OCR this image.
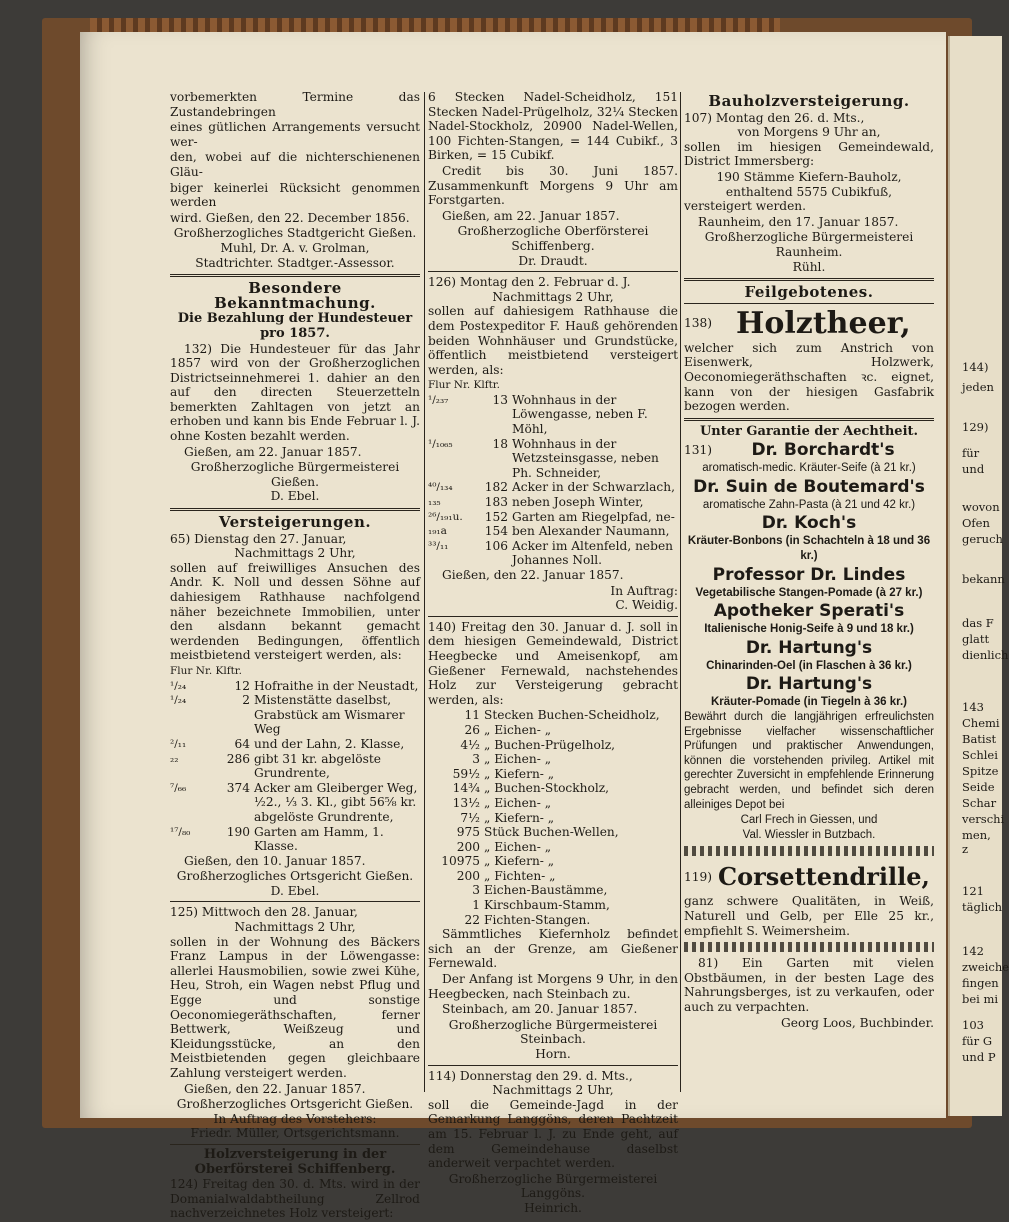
vorbemerkten Termine das Zustandebringen
eines gütlichen Arrangements versucht wer-
den, wobei auf die nichterschienenen Gläu-
biger keinerlei Rücksicht genommen werden
wird. Gießen, den 22. December 1856.
Großherzogliches Stadtgericht Gießen.
Muhl, Dr. A. v. Grolman,
Stadtrichter. Stadtger.-Assessor.
Besondere Bekanntmachung.
Die Bezahlung der Hundesteuer pro 1857.

132) Die Hundesteuer für das Jahr 1857 wird von der Großherzoglichen Districtseinnehmerei 1. dahier an den auf den directen Steuerzetteln bemerkten Zahltagen von jetzt an erhoben und kann bis Ende Februar l. J. ohne Kosten bezahlt werden.

Gießen, am 22. Januar 1857.

Großherzogliche Bürgermeisterei Gießen.
D. Ebel.
Versteigerungen.
65) Dienstag den 27. Januar,
Nachmittags 2 Uhr,

sollen auf freiwilliges Ansuchen des Andr. K. Noll und dessen Söhne auf dahiesigem Rathhause nachfolgend näher bezeichnete Immobilien, unter den alsdann bekannt gemacht werdenden Bedingungen, öffentlich meistbietend versteigert werden, als:

Flur Nr. Klftr.
¹/₂₄	12 Hofraithe in der Neustadt,
¹/₂₄	2 Mistenstätte daselbst,
Grabstück am Wismarer Weg
²/₁₁	64 und der Lahn, 2. Klasse,
₂₂	286 gibt 31 kr. abgelöste Grundrente,
⁷/₆₆	374 Acker am Gleiberger Weg, ½2., ⅓ 3. Kl., gibt 56⅝ kr. abgelöste Grundrente,
¹⁷/₈₀	190 Garten am Hamm, 1. Klasse.

Gießen, den 10. Januar 1857.

Großherzogliches Ortsgericht Gießen.
D. Ebel.
125) Mittwoch den 28. Januar,
Nachmittags 2 Uhr,

sollen in der Wohnung des Bäckers Franz Lampus in der Löwengasse: allerlei Hausmobilien, sowie zwei Kühe, Heu, Stroh, ein Wagen nebst Pflug und Egge und sonstige Oeconomiegeräthschaften, ferner Bettwerk, Weißzeug und Kleidungsstücke, an den Meistbietenden gegen gleichbaare Zahlung versteigert werden.

Gießen, den 22. Januar 1857.

Großherzogliches Ortsgericht Gießen.
In Auftrag des Vorstehers:
Friedr. Müller, Ortsgerichtsmann.
Holzversteigerung in der Oberförsterei Schiffenberg.

124) Freitag den 30. d. Mts. wird in der Domanialwaldabtheilung Zellrod nachverzeichnetes Holz versteigert:

6 Stecken Nadel-Scheidholz, 151 Stecken Nadel-Prügelholz, 32¼ Stecken Nadel-Stockholz, 20900 Nadel-Wellen, 100 Fichten-Stangen, = 144 Cubikf., 3 Birken, = 15 Cubikf.

Credit bis 30. Juni 1857. Zusammenkunft Morgens 9 Uhr am Forstgarten.

Gießen, am 22. Januar 1857.

Großherzogliche Oberförsterei Schiffenberg.
Dr. Draudt.
126) Montag den 2. Februar d. J.
Nachmittags 2 Uhr,

sollen auf dahiesigem Rathhause die dem Postexpeditor F. Hauß gehörenden beiden Wohnhäuser und Grundstücke, öffentlich meistbietend versteigert werden, als:

Flur Nr. Klftr.
¹/₂₃₇	13 Wohnhaus in der Löwengasse, neben F. Möhl,
¹/₁₀₆₅	18 Wohnhaus in der Wetzsteinsgasse, neben Ph. Schneider,
⁴⁰/₁₃₄	182 Acker in der Schwarzlach,
₁₃₅	183 neben Joseph Winter,
²⁶/₁₉₁u.	152 Garten am Riegelpfad, ne-
₁₉₁a	154 ben Alexander Naumann,
³³/₁₁	106 Acker im Altenfeld, neben Johannes Noll.

Gießen, den 22. Januar 1857.

In Auftrag:
C. Weidig.

140) Freitag den 30. Januar d. J. soll in dem hiesigen Gemeindewald, District Heegbecke und Ameisenkopf, am Gießener Fernewald, nachstehendes Holz zur Versteigerung gebracht werden, als:

11 Stecken Buchen-Scheidholz,
26 „ Eichen- „
4½ „ Buchen-Prügelholz,
3 „ Eichen- „
59½ „ Kiefern- „
14¾ „ Buchen-Stockholz,
13½ „ Eichen- „
7½ „ Kiefern- „
975 Stück Buchen-Wellen,
200 „ Eichen- „
10975 „ Kiefern- „
200 „ Fichten- „
3 Eichen-Baustämme,
1 Kirschbaum-Stamm,
22 Fichten-Stangen.

Sämmtliches Kiefernholz befindet sich an der Grenze, am Gießener Fernewald.

Der Anfang ist Morgens 9 Uhr, in den Heegbecken, nach Steinbach zu.

Steinbach, am 20. Januar 1857.

Großherzogliche Bürgermeisterei Steinbach.
Horn.
114) Donnerstag den 29. d. Mts.,
Nachmittags 2 Uhr,

soll die Gemeinde-Jagd in der Gemarkung Langgöns, deren Pachtzeit am 15. Februar l. J. zu Ende geht, auf dem Gemeindehause daselbst anderweit verpachtet werden.

Großherzogliche Bürgermeisterei Langgöns.
Heinrich.
Bauholzversteigerung.
107) Montag den 26. d. Mts.,
von Morgens 9 Uhr an,

sollen im hiesigen Gemeindewald, District Immersberg:

190 Stämme Kiefern-Bauholz,
enthaltend 5575 Cubikfuß,

versteigert werden.

Raunheim, den 17. Januar 1857.

Großherzogliche Bürgermeisterei Raunheim.
Rühl.
Feilgebotenes.
138) Holztheer,

welcher sich zum Anstrich von Eisenwerk, Holzwerk, Oeconomiegeräthschaften ꝛc. eignet, kann von der hiesigen Gasfabrik bezogen werden.

Unter Garantie der Aechtheit.
131)	Dr. Borchardt's
aromatisch-medic. Kräuter-Seife (à 21 kr.)
Dr. Suin de Boutemard's
aromatische Zahn-Pasta (à 21 und 42 kr.)
Dr. Koch's
Kräuter-Bonbons (in Schachteln à 18 und 36 kr.)
Professor Dr. Lindes
Vegetabilische Stangen-Pomade (à 27 kr.)
Apotheker Sperati's
Italienische Honig-Seife à 9 und 18 kr.)
Dr. Hartung's
Chinarinden-Oel (in Flaschen à 36 kr.)
Dr. Hartung's
Kräuter-Pomade (in Tiegeln à 36 kr.)

Bewährt durch die langjährigen erfreulichsten Ergebnisse vielfacher wissenschaftlicher Prüfungen und praktischer Anwendungen, können die vorstehenden privileg. Artikel mit gerechter Zuversicht in empfehlende Erinnerung gebracht werden, und befindet sich deren alleiniges Depot bei

Carl Frech in Giessen, und
Val. Wiessler in Butzbach.
119) Corsettendrille,

ganz schwere Qualitäten, in Weiß, Naturell und Gelb, per Elle 25 kr., empfiehlt S. Weimersheim.

81) Ein Garten mit vielen Obstbäumen, in der besten Lage des Nahrungsberges, ist zu verkaufen, oder auch zu verpachten.

Georg Loos, Buchbinder.
144)
jeden
129)
für
und
wovon
Ofen
geruch
bekann
das F
glatt
dienlich
143
Chemi
Batist
Schlei
Spitze
Seide
Schar
verschi
men, z
121
täglich
142
zweiche
fingen
bei mi
103
für G
und P
